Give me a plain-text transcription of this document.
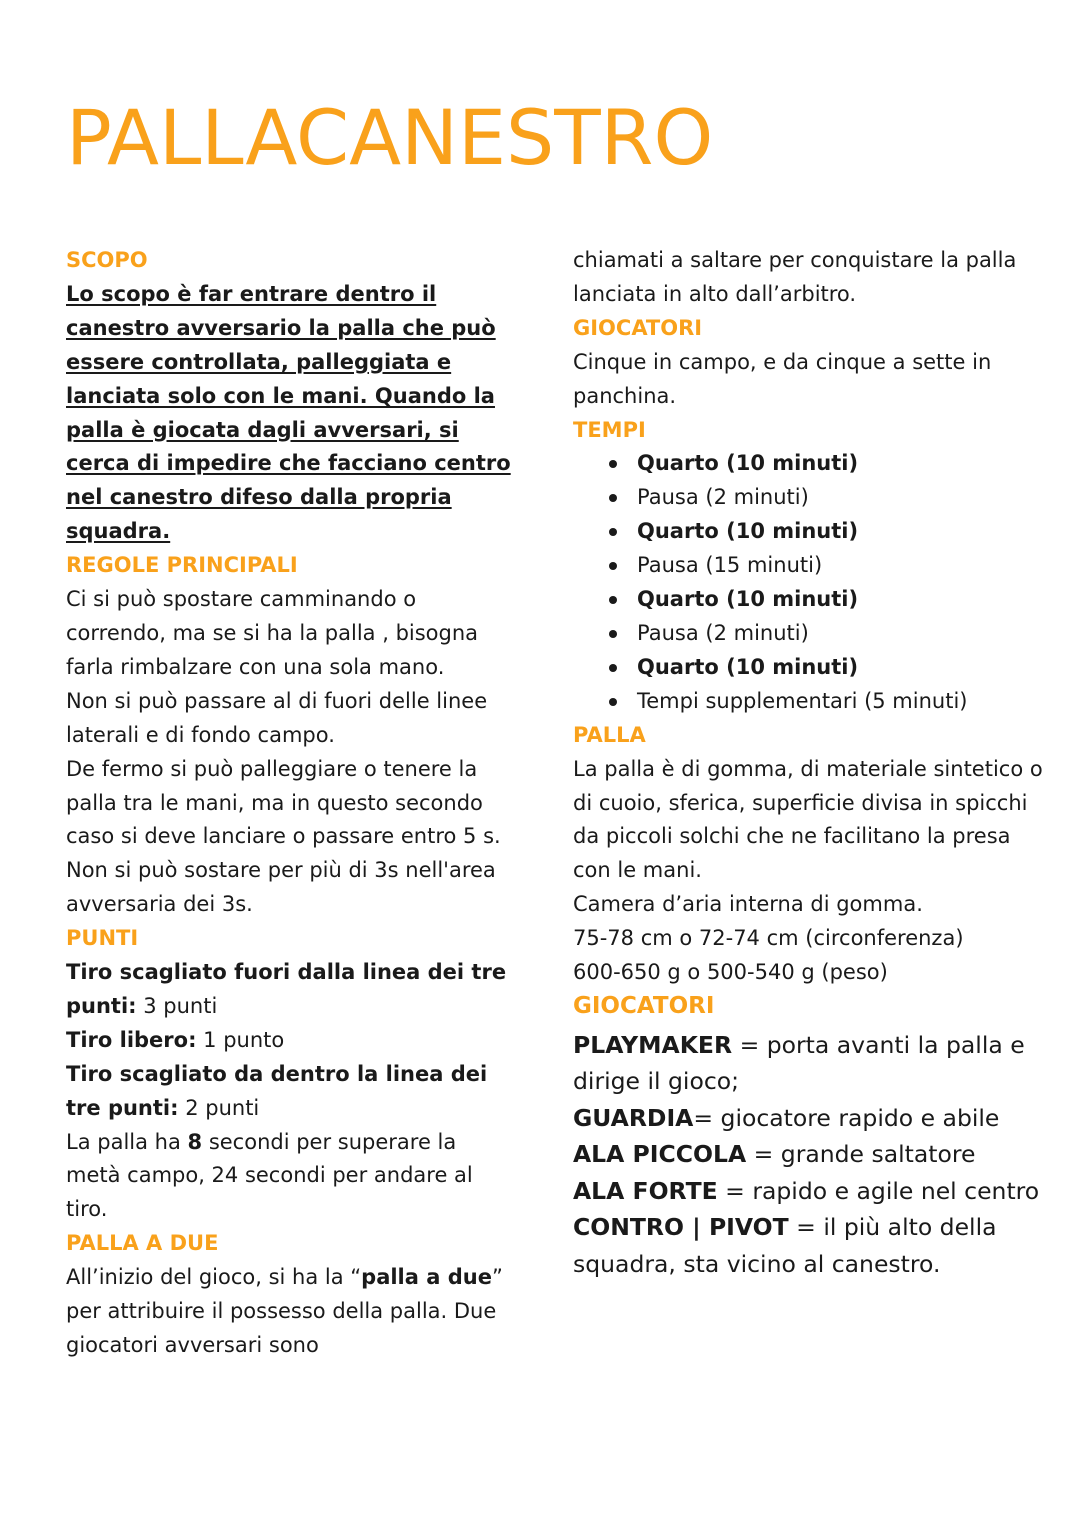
PALLACANESTRO
SCOPO

Lo scopo è far entrare dentro il canestro avversario la palla che può essere controllata, palleggiata e lanciata solo con le mani. Quando la palla è giocata dagli avversari, si cerca di impedire che facciano centro nel canestro difeso dalla propria squadra.

REGOLE PRINCIPALI

Ci si può spostare camminando o correndo, ma se si ha la palla , bisogna farla rimbalzare con una sola mano.

Non si può passare al di fuori delle linee laterali e di fondo campo.

De fermo si può palleggiare o tenere la palla tra le mani, ma in questo secondo caso si deve lanciare o passare entro 5 s.

Non si può sostare per più di 3s nell'area avversaria dei 3s.

PUNTI

Tiro scagliato fuori dalla linea dei tre punti: 3 punti

Tiro libero: 1 punto

Tiro scagliato da dentro la linea dei tre punti: 2 punti

La palla ha 8 secondi per superare la metà campo, 24 secondi per andare al tiro.

PALLA A DUE

All’inizio del gioco, si ha la “palla a due” per attribuire il possesso della palla. Due giocatori avversari sono

chiamati a saltare per conquistare la palla lanciata in alto dall’arbitro.

GIOCATORI

Cinque in campo, e da cinque a sette in panchina.

TEMPI
Quarto (10 minuti)
Pausa (2 minuti)
Quarto (10 minuti)
Pausa (15 minuti)
Quarto (10 minuti)
Pausa (2 minuti)
Quarto (10 minuti)
Tempi supplementari (5 minuti)
PALLA

La palla è di gomma, di materiale sintetico o di cuoio, sferica, superficie divisa in spicchi da piccoli solchi che ne facilitano la presa con le mani.

Camera d’aria interna di gomma.

75-78 cm o 72-74 cm (circonferenza)

600-650 g o 500-540 g (peso)

GIOCATORI

PLAYMAKER = porta avanti la palla e dirige il gioco;

GUARDIA= giocatore rapido e abile

ALA PICCOLA = grande saltatore

ALA FORTE = rapido e agile nel centro

CONTRO | PIVOT = il più alto della squadra, sta vicino al canestro.
